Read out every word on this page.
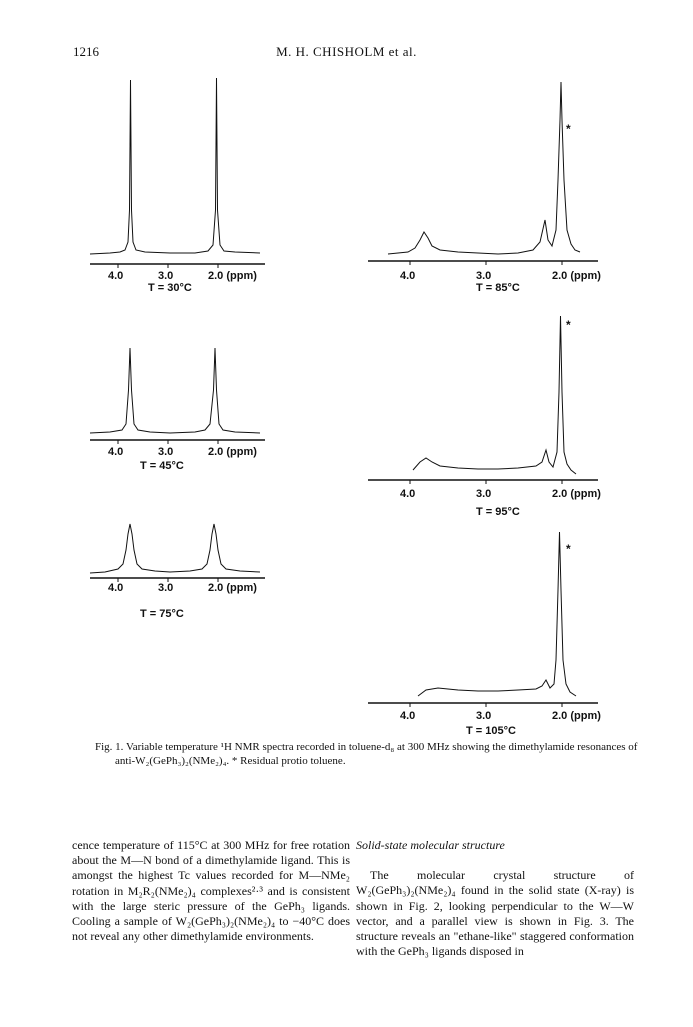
1216	M. H. CHISHOLM et al.
4.0	3.0	2.0 (ppm)
T = 30°C
4.0	3.0	2.0 (ppm)
T = 45°C
4.0	3.0	2.0 (ppm)
T = 75°C
*
4.0	3.0	2.0 (ppm)
T = 85°C
*
4.0	3.0	2.0 (ppm)
T = 95°C
*
4.0	3.0	2.0 (ppm)
T = 105°C
Fig. 1. Variable temperature ¹H NMR spectra recorded in toluene-d₈ at 300 MHz showing the dimethylamide resonances of anti-W₂(GePh₃)₂(NMe₂)₄. * Residual protio toluene.
cence temperature of 115°C at 300 MHz for free rotation about the M—N bond of a dimethylamide ligand. This is amongst the highest Tc values recorded for M—NMe₂ rotation in M₂R₂(NMe₂)₄ complexes²·³ and is consistent with the large steric pressure of the GePh₃ ligands. Cooling a sample of W₂(GePh₃)₂(NMe₂)₄ to −40°C does not reveal any other dimethylamide environments.
Solid-state molecular structure
The molecular crystal structure of W₂(GePh₃)₂(NMe₂)₄ found in the solid state (X-ray) is shown in Fig. 2, looking perpendicular to the W—W vector, and a parallel view is shown in Fig. 3. The structure reveals an "ethane-like" staggered conformation with the GePh₃ ligands disposed in
